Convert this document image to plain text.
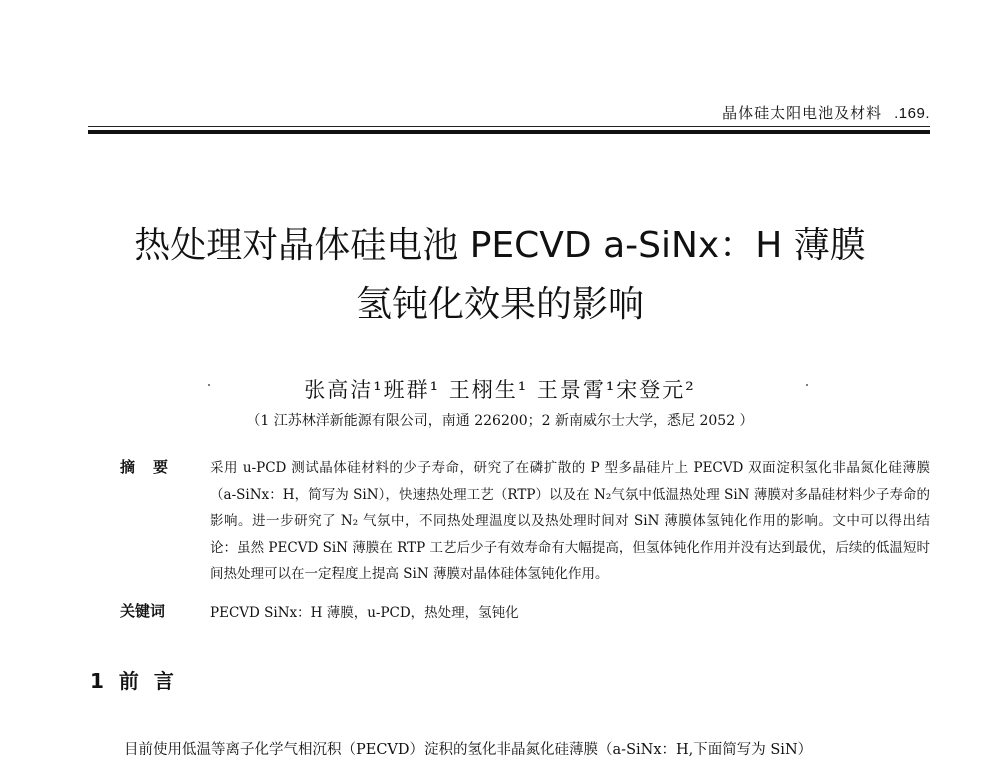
晶体硅太阳电池及材料 .169.
热处理对晶体硅电池 PECVD a-SiNx：H 薄膜
氢钝化效果的影响
张高洁¹班群¹ 王栩生¹ 王景霄¹宋登元²
（1 江苏林洋新能源有限公司，南通 226200；2 新南威尔士大学，悉尼 2052 ）
摘要 采用 u-PCD 测试晶体硅材料的少子寿命，研究了在磷扩散的 P 型多晶硅片上 PECVD 双面淀积氢化非晶氮化硅薄膜（a-SiNx：H，简写为 SiN），快速热处理工艺（RTP）以及在 N₂气氛中低温热处理 SiN 薄膜对多晶硅材料少子寿命的影响。进一步研究了 N₂ 气氛中，不同热处理温度以及热处理时间对 SiN 薄膜体氢钝化作用的影响。文中可以得出结论：虽然 PECVD SiN 薄膜在 RTP 工艺后少子有效寿命有大幅提高，但氢体钝化作用并没有达到最优，后续的低温短时间热处理可以在一定程度上提高 SiN 薄膜对晶体硅体氢钝化作用。
关键词	PECVD SiNx：H 薄膜，u-PCD，热处理，氢钝化
1 前 言
目前使用低温等离子化学气相沉积（PECVD）淀积的氢化非晶氮化硅薄膜（a-SiNx：H,下面简写为 SiN）
